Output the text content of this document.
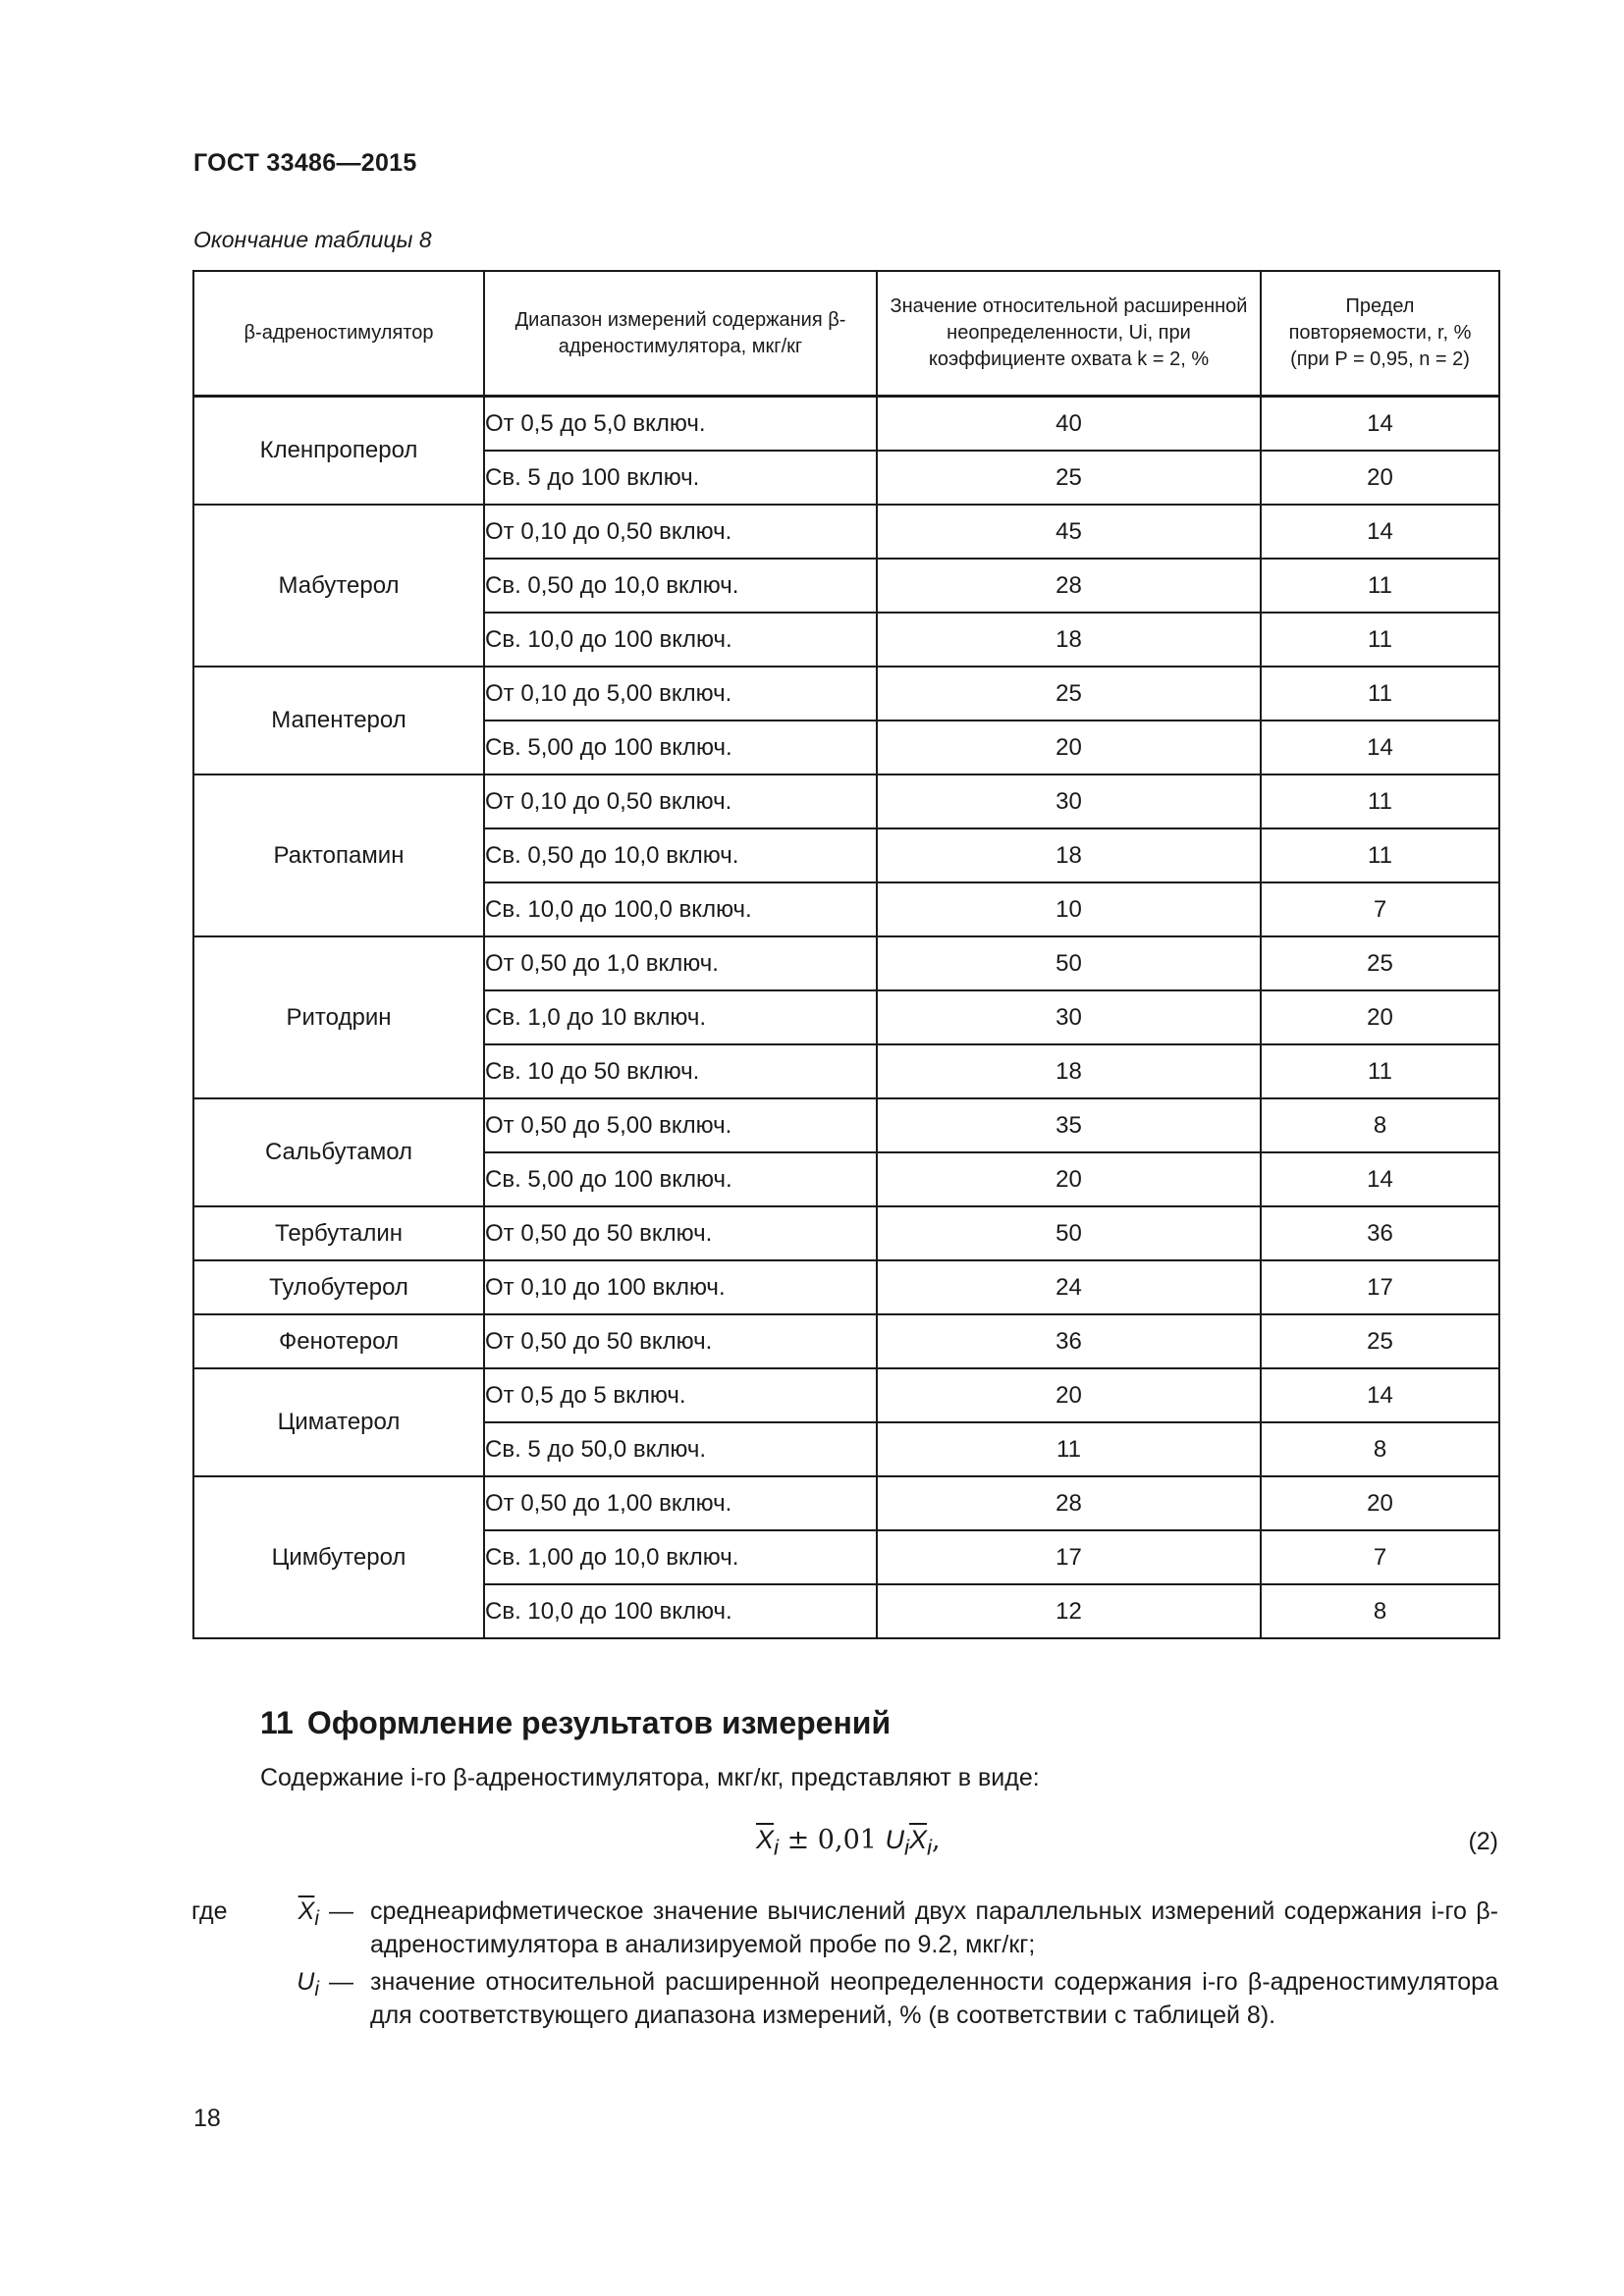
ГОСТ 33486—2015
Окончание таблицы 8
β-адреностимулятор	Диапазон измерений содержания β-адреностимулятора, мкг/кг	Значение относительной расширенной неопределенности, Ui, при коэффициенте охвата k = 2, %	Предел повторяемости, r, % (при P = 0,95, n = 2)
Кленпроперол	От 0,5 до 5,0 включ.	40	14
	Св. 5 до 100 включ.	25	20
Мабутерол	От 0,10 до 0,50 включ.	45	14
	Св. 0,50 до 10,0 включ.	28	11
	Св. 10,0 до 100 включ.	18	11
Мапентерол	От 0,10 до 5,00 включ.	25	11
	Св. 5,00 до 100 включ.	20	14
Рактопамин	От 0,10 до 0,50 включ.	30	11
	Св. 0,50 до 10,0 включ.	18	11
	Св. 10,0 до 100,0 включ.	10	7
Ритодрин	От 0,50 до 1,0 включ.	50	25
	Св. 1,0 до 10 включ.	30	20
	Св. 10 до 50 включ.	18	11
Сальбутамол	От 0,50 до 5,00 включ.	35	8
	Св. 5,00 до 100 включ.	20	14
Тербуталин	От 0,50 до 50 включ.	50	36
Тулобутерол	От 0,10 до 100 включ.	24	17
Фенотерол	От 0,50 до 50 включ.	36	25
Циматерол	От 0,5 до 5 включ.	20	14
	Св. 5 до 50,0 включ.	11	8
Цимбутерол	От 0,50 до 1,00 включ.	28	20
	Св. 1,00 до 10,0 включ.	17	7
	Св. 10,0 до 100 включ.	12	8
11 Оформление результатов измерений
Содержание i-го β-адреностимулятора, мкг/кг, представляют в виде:
$\overline{X}_i \pm 0,01$ $U_i\overline{X}_i$,	(2)
где	$\overline{X}_i$ — среднеарифметическое значение вычислений двух параллельных измерений содержания i-го β-адреностимулятора в анализируемой пробе по 9.2, мкг/кг;
$U_i$ — значение относительной расширенной неопределенности содержания i-го β-адреностимулятора для соответствующего диапазона измерений, % (в соответствии с таблицей 8).
18
